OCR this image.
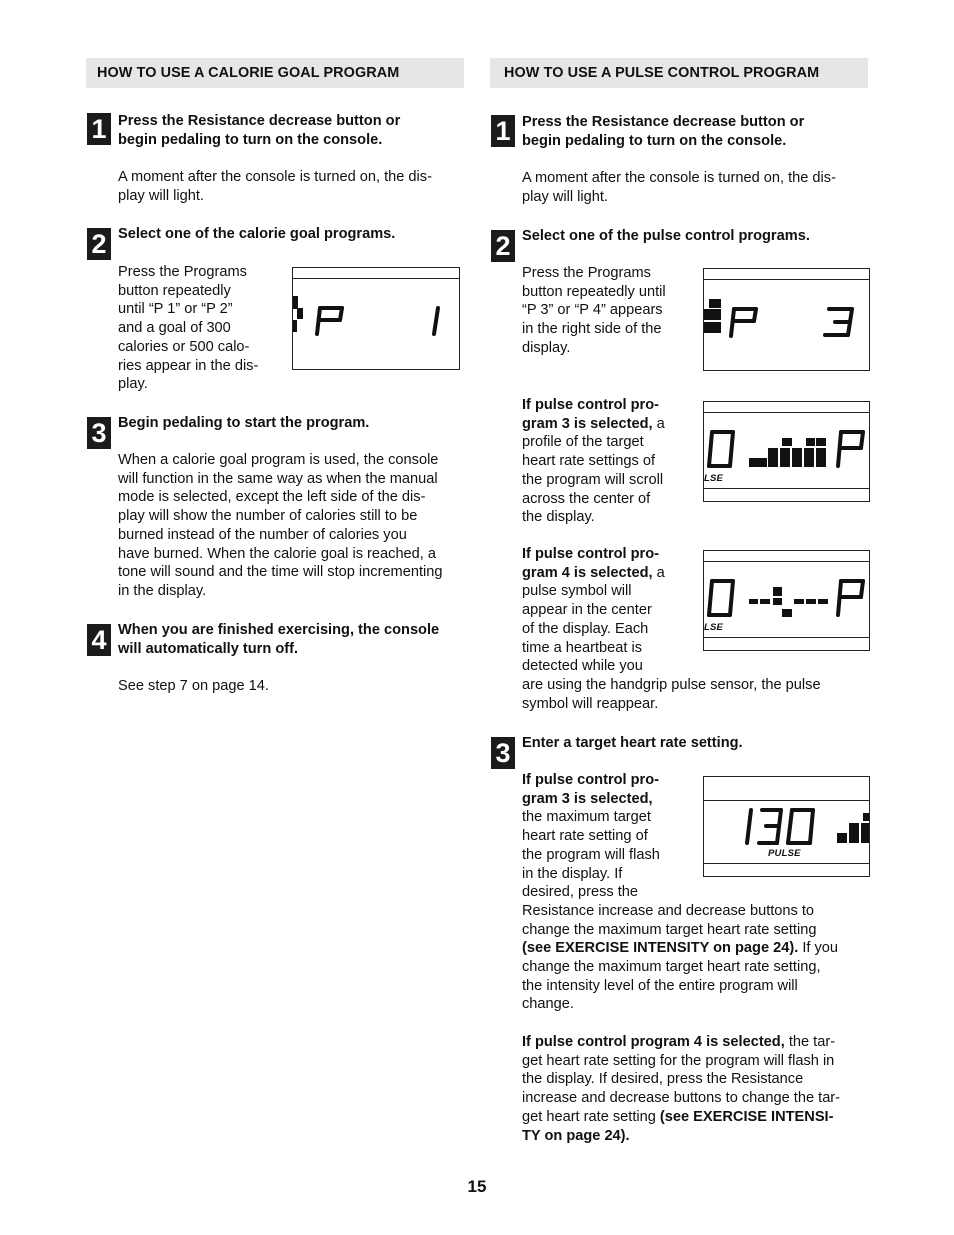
HOW TO USE A CALORIE GOAL PROGRAM
1 Press the Resistance decrease button or
begin pedaling to turn on the console.
A moment after the console is turned on, the dis-
play will light.
2 Select one of the calorie goal programs.
Press the Programs
button repeatedly
until “P 1” or “P 2”
and a goal of 300
calories or 500 calo-
ries appear in the dis-
play.
3 Begin pedaling to start the program.
When a calorie goal program is used, the console
will function in the same way as when the manual
mode is selected, except the left side of the dis-
play will show the number of calories still to be
burned instead of the number of calories you
have burned. When the calorie goal is reached, a
tone will sound and the time will stop incrementing
in the display.
4 When you are finished exercising, the console
will automatically turn off.
See step 7 on page 14.
HOW TO USE A PULSE CONTROL PROGRAM
1 Press the Resistance decrease button or
begin pedaling to turn on the console.
A moment after the console is turned on, the dis-
play will light.
2 Select one of the pulse control programs.
Press the Programs
button repeatedly until
“P 3” or “P 4” appears
in the right side of the
display.
If pulse control pro-
gram 3 is selected, a
profile of the target
heart rate settings of
the program will scroll
across the center of
the display.
LSE
If pulse control pro-
gram 4 is selected, a
pulse symbol will
appear in the center
of the display. Each
time a heartbeat is
detected while you
are using the handgrip pulse sensor, the pulse
symbol will reappear.
LSE
3 Enter a target heart rate setting.
If pulse control pro-
gram 3 is selected,
the maximum target
heart rate setting of
the program will flash
in the display. If
desired, press the
Resistance increase and decrease buttons to
change the maximum target heart rate setting
(see EXERCISE INTENSITY on page 24). If you
change the maximum target heart rate setting,
the intensity level of the entire program will
change.
PULSE
If pulse control program 4 is selected, the tar-
get heart rate setting for the program will flash in
the display. If desired, press the Resistance
increase and decrease buttons to change the tar-
get heart rate setting (see EXERCISE INTENSI-
TY on page 24).
15
